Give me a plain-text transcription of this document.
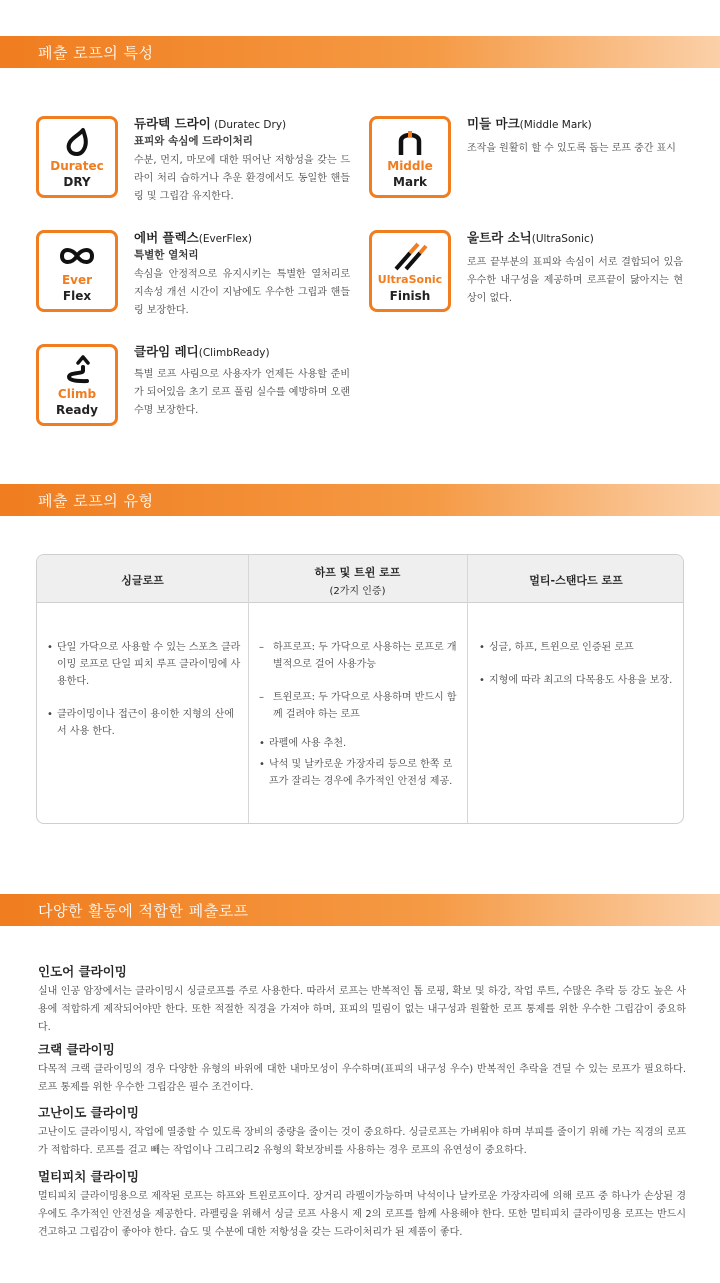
페출 로프의 특성
Duratec
DRY
듀라텍 드라이 (Duratec Dry)
표피와 속심에 드라이처리
수분, 먼지, 마모에 대한 뛰어난 저항성을 갖는 드라이 처리 습하거나 추운 환경에서도 동일한 핸들링 및 그립감 유지한다.
Middle
Mark
미들 마크(Middle Mark)
조작을 원활히 할 수 있도록 돕는 로프 중간 표시
Ever
Flex
에버 플렉스(EverFlex)
특별한 열처리
속심을 안정적으로 유지시키는 특별한 열처리로 지속성 개선 시간이 지남에도 우수한 그립과 핸들링 보장한다.
UltraSonic
Finish
울트라 소닉(UltraSonic)
로프 끝부분의 표피와 속심이 서로 결합되어 있음 우수한 내구성을 제공하며 로프끝이 닳아지는 현상이 없다.
Climb
Ready
클라임 레디(ClimbReady)
특별 로프 사림으로 사용자가 언제든 사용할 준비가 되어있음 초기 로프 풀림 실수를 예방하며 오랜 수명 보장한다.
페출 로프의 유형
싱글로프
하프 및 트윈 로프
(2가지 인증)
멀티-스탠다드 로프
• 단일 가닥으로 사용할 수 있는 스포츠 클라이밍 로프로 단일 피치 루프 클라이밍에 사용한다.
• 클라이밍이나 접근이 용이한 지형의 산에서 사용 한다.
– 하프로프: 두 가닥으로 사용하는 로프로 개별적으로 걸어 사용가능
– 트윈로프: 두 가닥으로 사용하며 반드시 함께 걸려야 하는 로프
• 라펠에 사용 추천.
• 낙석 및 날카로운 가장자리 등으로 한쪽 로프가 잘리는 경우에 추가적인 안전성 제공.
• 싱글, 하프, 트윈으로 인증된 로프
• 지형에 따라 최고의 다목용도 사용을 보장.
다양한 활동에 적합한 페출로프
인도어 클라이밍
실내 인공 암장에서는 클라이밍시 싱글로프를 주로 사용한다. 따라서 로프는 반복적인 톱 로핑, 확보 및 하강, 작업 루트, 수많은 추락 등 강도 높은 사용에 적합하게 제작되어야만 한다. 또한 적절한 직경을 가져야 하며, 표피의 밀림이 없는 내구성과 원활한 로프 통제를 위한 우수한 그립감이 중요하다.
크랙 클라이밍
다목적 크랙 클라이밍의 경우 다양한 유형의 바위에 대한 내마모성이 우수하며(표피의 내구성 우수) 반복적인 추락을 견딜 수 있는 로프가 필요하다. 로프 통제를 위한 우수한 그립감은 필수 조건이다.
고난이도 클라이밍
고난이도 클라이밍시, 작업에 열중할 수 있도록 장비의 중량을 줄이는 것이 중요하다. 싱글로프는 가벼워야 하며 부피를 줄이기 위해 가는 직경의 로프가 적합하다. 로프를 걸고 빼는 작업이나 그리그리2 유형의 확보장비를 사용하는 경우 로프의 유연성이 중요하다.
멀티피치 클라이밍
멀티피치 클라이밍용으로 제작된 로프는 하프와 트윈로프이다. 장거리 라펠이가능하며 낙석이나 날카로운 가장자리에 의해 로프 중 하나가 손상된 경우에도 추가적인 안전성을 제공한다. 라펠링을 위해서 싱글 로프 사용시 제 2의 로프를 함께 사용해야 한다. 또한 멀티피치 클라이밍용 로프는 반드시 견고하고 그립감이 좋아야 한다. 습도 및 수분에 대한 저항성을 갖는 드라이처리가 된 제품이 좋다.
